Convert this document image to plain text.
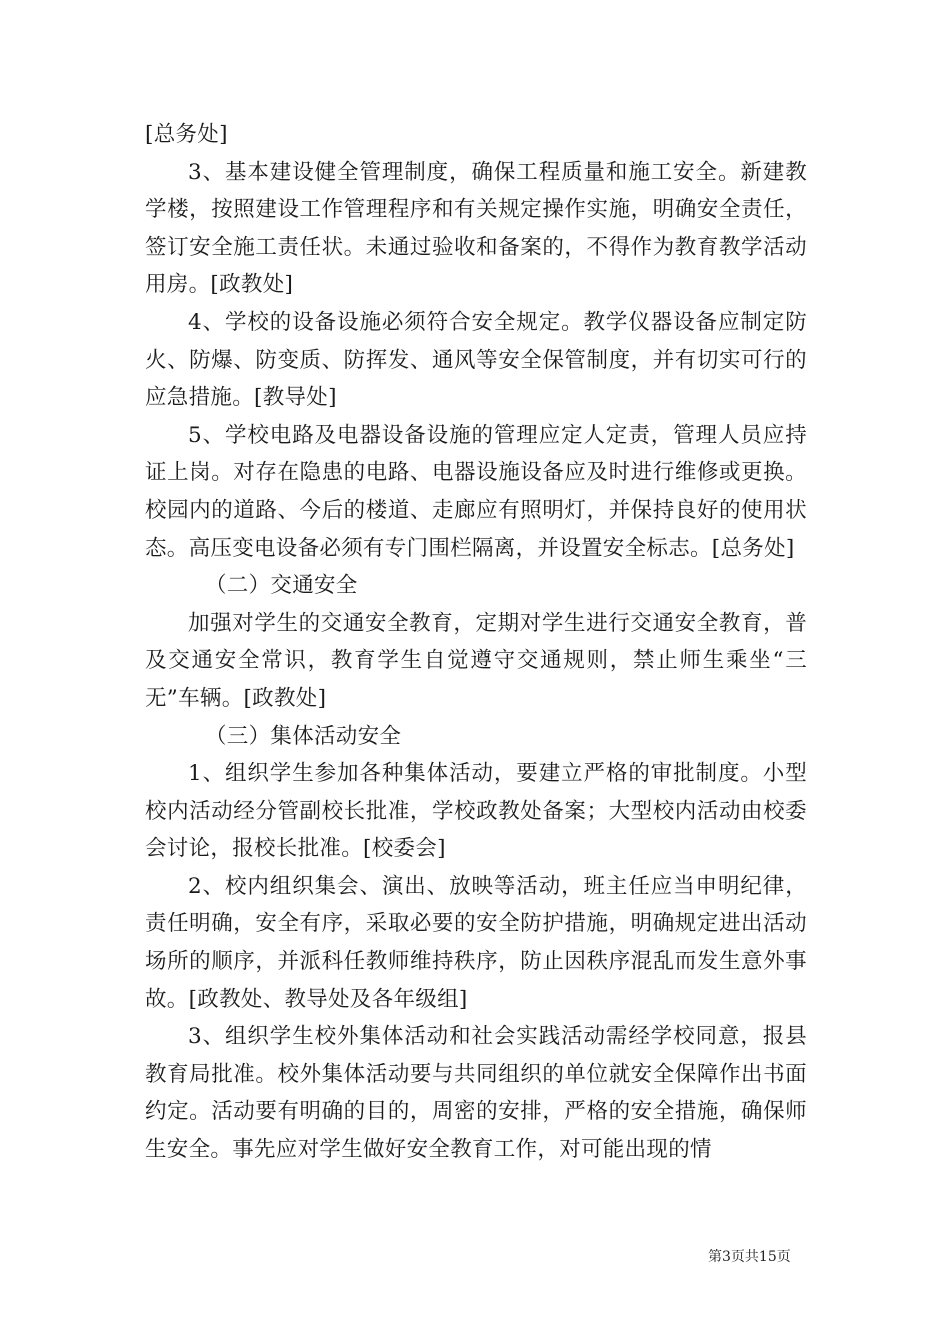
[总务处]

3、基本建设健全管理制度，确保工程质量和施工安全。新建教学楼，按照建设工作管理程序和有关规定操作实施，明确安全责任，签订安全施工责任状。未通过验收和备案的，不得作为教育教学活动用房。[政教处]

4、学校的设备设施必须符合安全规定。教学仪器设备应制定防火、防爆、防变质、防挥发、通风等安全保管制度，并有切实可行的应急措施。[教导处]

5、学校电路及电器设备设施的管理应定人定责，管理人员应持证上岗。对存在隐患的电路、电器设施设备应及时进行维修或更换。校园内的道路、今后的楼道、走廊应有照明灯，并保持良好的使用状态。高压变电设备必须有专门围栏隔离，并设置安全标志。[总务处]

（二）交通安全

加强对学生的交通安全教育，定期对学生进行交通安全教育，普及交通安全常识，教育学生自觉遵守交通规则，禁止师生乘坐“三无”车辆。[政教处]

（三）集体活动安全

1、组织学生参加各种集体活动，要建立严格的审批制度。小型校内活动经分管副校长批准，学校政教处备案；大型校内活动由校委会讨论，报校长批准。[校委会]

2、校内组织集会、演出、放映等活动，班主任应当申明纪律，责任明确，安全有序，采取必要的安全防护措施，明确规定进出活动场所的顺序，并派科任教师维持秩序，防止因秩序混乱而发生意外事故。[政教处、教导处及各年级组]

3、组织学生校外集体活动和社会实践活动需经学校同意，报县教育局批准。校外集体活动要与共同组织的单位就安全保障作出书面约定。活动要有明确的目的，周密的安排，严格的安全措施，确保师生安全。事先应对学生做好安全教育工作，对可能出现的情

第3页共15页
